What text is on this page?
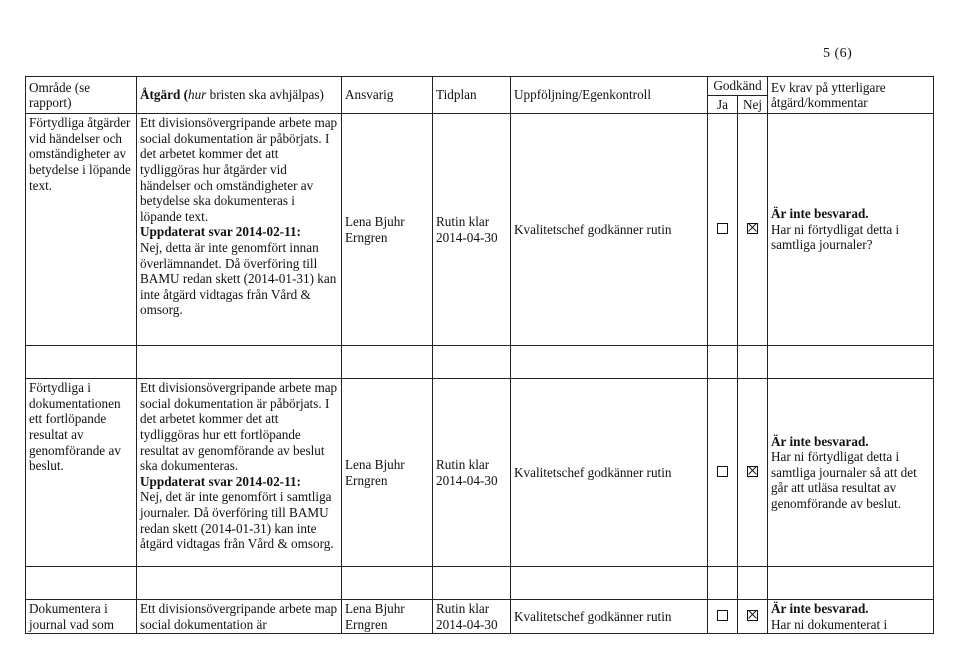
5 (6)
Område (se rapport)	Åtgärd (hur bristen ska avhjälpas)	Ansvarig	Tidplan	Uppföljning/Egenkontroll	Godkänd		Ev krav på ytterligare åtgärd/kommentar
					Ja	Nej	
Förtydliga åtgärder vid händelser och omständigheter av betydelse i löpande text.	Ett divisionsövergripande arbete map social dokumentation är påbörjats. I det arbetet kommer det att tydliggöras hur åtgärder vid händelser och omständigheter av betydelse ska dokumenteras i löpande text.
Uppdaterat svar 2014-02-11:
Nej, detta är inte genomfört innan överlämnandet. Då överföring till BAMU redan skett (2014-01-31) kan inte åtgärd vidtagas från Vård & omsorg.	Lena Bjuhr Erngren	Rutin klar 2014-04-30	Kvalitetschef godkänner rutin			Är inte besvarad.
Har ni förtydligat detta i samtliga journaler?

Förtydliga i dokumentationen ett fortlöpande resultat av genomförande av beslut.	Ett divisionsövergripande arbete map social dokumentation är påbörjats. I det arbetet kommer det att tydliggöras hur ett fortlöpande resultat av genomförande av beslut ska dokumenteras.
Uppdaterat svar 2014-02-11:
Nej, det är inte genomfört i samtliga journaler. Då överföring till BAMU redan skett (2014-01-31) kan inte åtgärd vidtagas från Vård & omsorg.	Lena Bjuhr Erngren	Rutin klar 2014-04-30	Kvalitetschef godkänner rutin			Är inte besvarad.
Har ni förtydligat detta i samtliga journaler så att det går att utläsa resultat av genomförande av beslut.

Dokumentera i journal vad som	Ett divisionsövergripande arbete map social dokumentation är	Lena Bjuhr Erngren	Rutin klar 2014-04-30	Kvalitetschef godkänner rutin			Är inte besvarad.
Har ni dokumenterat i
